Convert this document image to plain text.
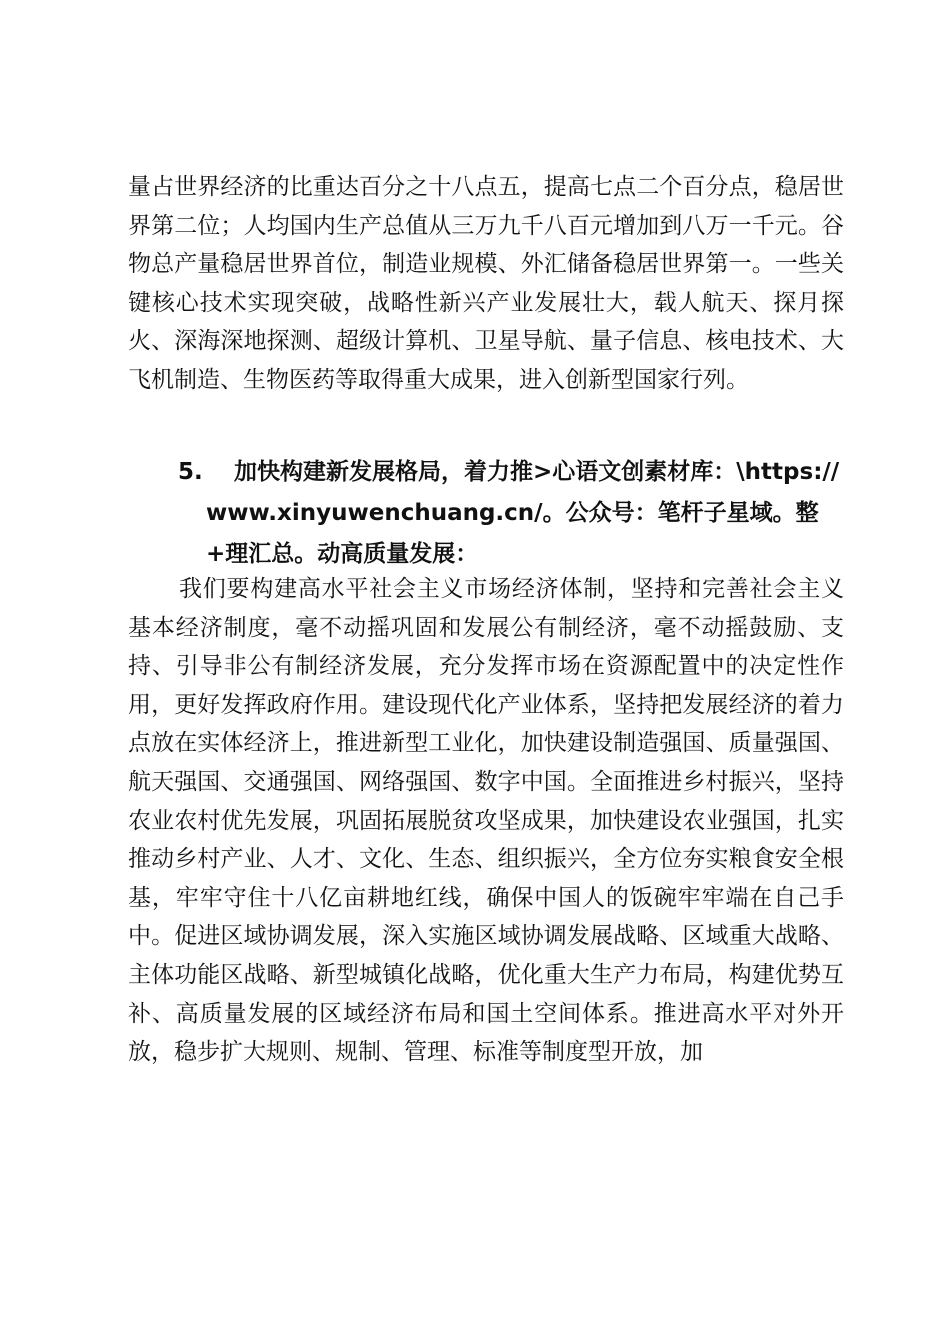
量占世界经济的比重达百分之十八点五，提高七点二个百分点，稳居世界第二位；人均国内生产总值从三万九千八百元增加到八万一千元。谷物总产量稳居世界首位，制造业规模、外汇储备稳居世界第一。一些关键核心技术实现突破，战略性新兴产业发展壮大，载人航天、探月探火、深海深地探测、超级计算机、卫星导航、量子信息、核电技术、大飞机制造、生物医药等取得重大成果，进入创新型国家行列。

5.	加快构建新发展格局，着力推>心语文创素材库：\https://www.xinyuwenchuang.cn/。公众号：笔杆子星域。整+理汇总。动高质量发展：

我们要构建高水平社会主义市场经济体制，坚持和完善社会主义基本经济制度，毫不动摇巩固和发展公有制经济，毫不动摇鼓励、支持、引导非公有制经济发展，充分发挥市场在资源配置中的决定性作用，更好发挥政府作用。建设现代化产业体系，坚持把发展经济的着力点放在实体经济上，推进新型工业化，加快建设制造强国、质量强国、航天强国、交通强国、网络强国、数字中国。全面推进乡村振兴，坚持农业农村优先发展，巩固拓展脱贫攻坚成果，加快建设农业强国，扎实推动乡村产业、人才、文化、生态、组织振兴，全方位夯实粮食安全根基，牢牢守住十八亿亩耕地红线，确保中国人的饭碗牢牢端在自己手中。促进区域协调发展，深入实施区域协调发展战略、区域重大战略、主体功能区战略、新型城镇化战略，优化重大生产力布局，构建优势互补、高质量发展的区域经济布局和国土空间体系。推进高水平对外开放，稳步扩大规则、规制、管理、标准等制度型开放，加
